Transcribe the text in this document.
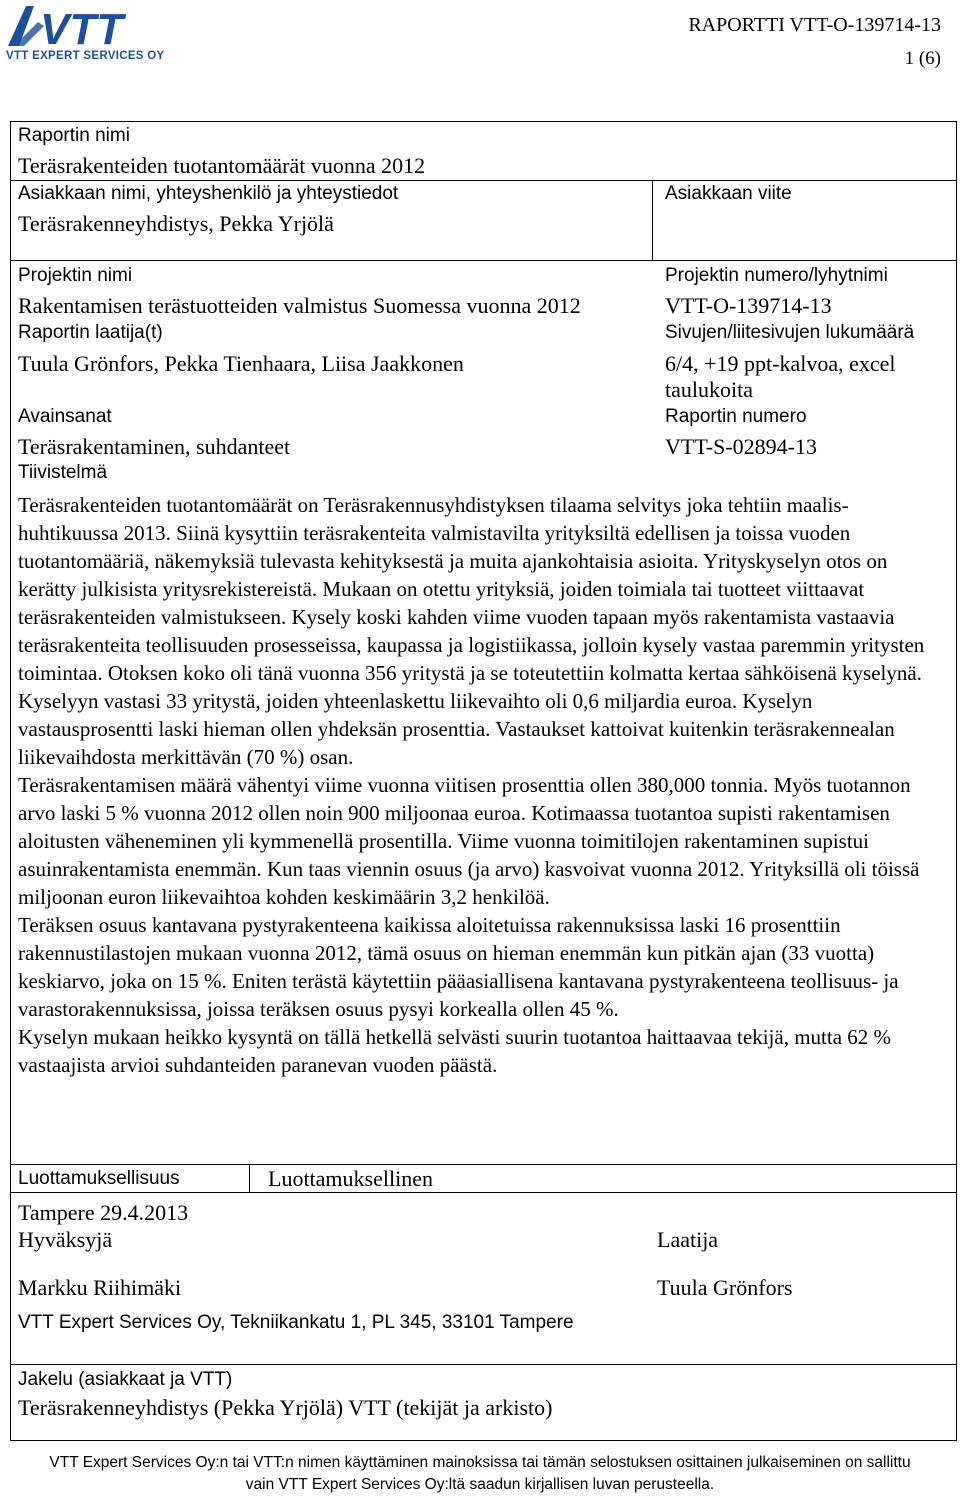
VTT
VTT EXPERT SERVICES OY
RAPORTTI VTT-O-139714-13
1 (6)
Raportin nimi
Teräsrakenteiden tuotantomäärät vuonna 2012
Asiakkaan nimi, yhteyshenkilö ja yhteystiedot
Teräsrakenneyhdistys, Pekka Yrjölä
Asiakkaan viite
Projektin nimi
Rakentamisen terästuotteiden valmistus Suomessa vuonna 2012
Projektin numero/lyhytnimi
VTT-O-139714-13
Raportin laatija(t)
Tuula Grönfors, Pekka Tienhaara, Liisa Jaakkonen
Sivujen/liitesivujen lukumäärä
6/4, +19 ppt-kalvoa, excel
taulukoita
Avainsanat
Teräsrakentaminen, suhdanteet
Raportin numero
VTT-S-02894-13
Tiivistelmä

Teräsrakenteiden tuotantomäärät on Teräsrakennusyhdistyksen tilaama selvitys joka tehtiin maalis-huhtikuussa 2013. Siinä kysyttiin teräsrakenteita valmistavilta yrityksiltä edellisen ja toissa vuoden tuotantomääriä, näkemyksiä tulevasta kehityksestä ja muita ajankohtaisia asioita. Yrityskyselyn otos on kerätty julkisista yritysrekistereistä. Mukaan on otettu yrityksiä, joiden toimiala tai tuotteet viittaavat teräsrakenteiden valmistukseen. Kysely koski kahden viime vuoden tapaan myös rakentamista vastaavia teräsrakenteita teollisuuden prosesseissa, kaupassa ja logistiikassa, jolloin kysely vastaa paremmin yritysten toimintaa. Otoksen koko oli tänä vuonna 356 yritystä ja se toteutettiin kolmatta kertaa sähköisenä kyselynä. Kyselyyn vastasi 33 yritystä, joiden yhteenlaskettu liikevaihto oli 0,6 miljardia euroa. Kyselyn vastausprosentti laski hieman ollen yhdeksän prosenttia. Vastaukset kattoivat kuitenkin teräsrakennealan liikevaihdosta merkittävän (70 %) osan.

Teräsrakentamisen määrä vähentyi viime vuonna viitisen prosenttia ollen 380,000 tonnia. Myös tuotannon arvo laski 5 % vuonna 2012 ollen noin 900 miljoonaa euroa. Kotimaassa tuotantoa supisti rakentamisen aloitusten väheneminen yli kymmenellä prosentilla. Viime vuonna toimitilojen rakentaminen supistui asuinrakentamista enemmän. Kun taas viennin osuus (ja arvo) kasvoivat vuonna 2012. Yrityksillä oli töissä miljoonan euron liikevaihtoa kohden keskimäärin 3,2 henkilöä.

Teräksen osuus kantavana pystyrakenteena kaikissa aloitetuissa rakennuksissa laski 16 prosenttiin rakennustilastojen mukaan vuonna 2012, tämä osuus on hieman enemmän kun pitkän ajan (33 vuotta) keskiarvo, joka on 15 %. Eniten terästä käytettiin pääasiallisena kantavana pystyrakenteena teollisuus- ja varastorakennuksissa, joissa teräksen osuus pysyi korkealla ollen 45 %.

Kyselyn mukaan heikko kysyntä on tällä hetkellä selvästi suurin tuotantoa haittaavaa tekijä, mutta 62 % vastaajista arvioi suhdanteiden paranevan vuoden päästä.

Luottamuksellisuus	Luottamuksellinen
Tampere 29.4.2013
Hyväksyjä
Markku Riihimäki
Laatija
Tuula Grönfors
VTT Expert Services Oy, Tekniikankatu 1, PL 345, 33101 Tampere
Jakelu (asiakkaat ja VTT)
Teräsrakenneyhdistys (Pekka Yrjölä) VTT (tekijät ja arkisto)
VTT Expert Services Oy:n tai VTT:n nimen käyttäminen mainoksissa tai tämän selostuksen osittainen julkaiseminen on sallittu
vain VTT Expert Services Oy:ltä saadun kirjallisen luvan perusteella.
